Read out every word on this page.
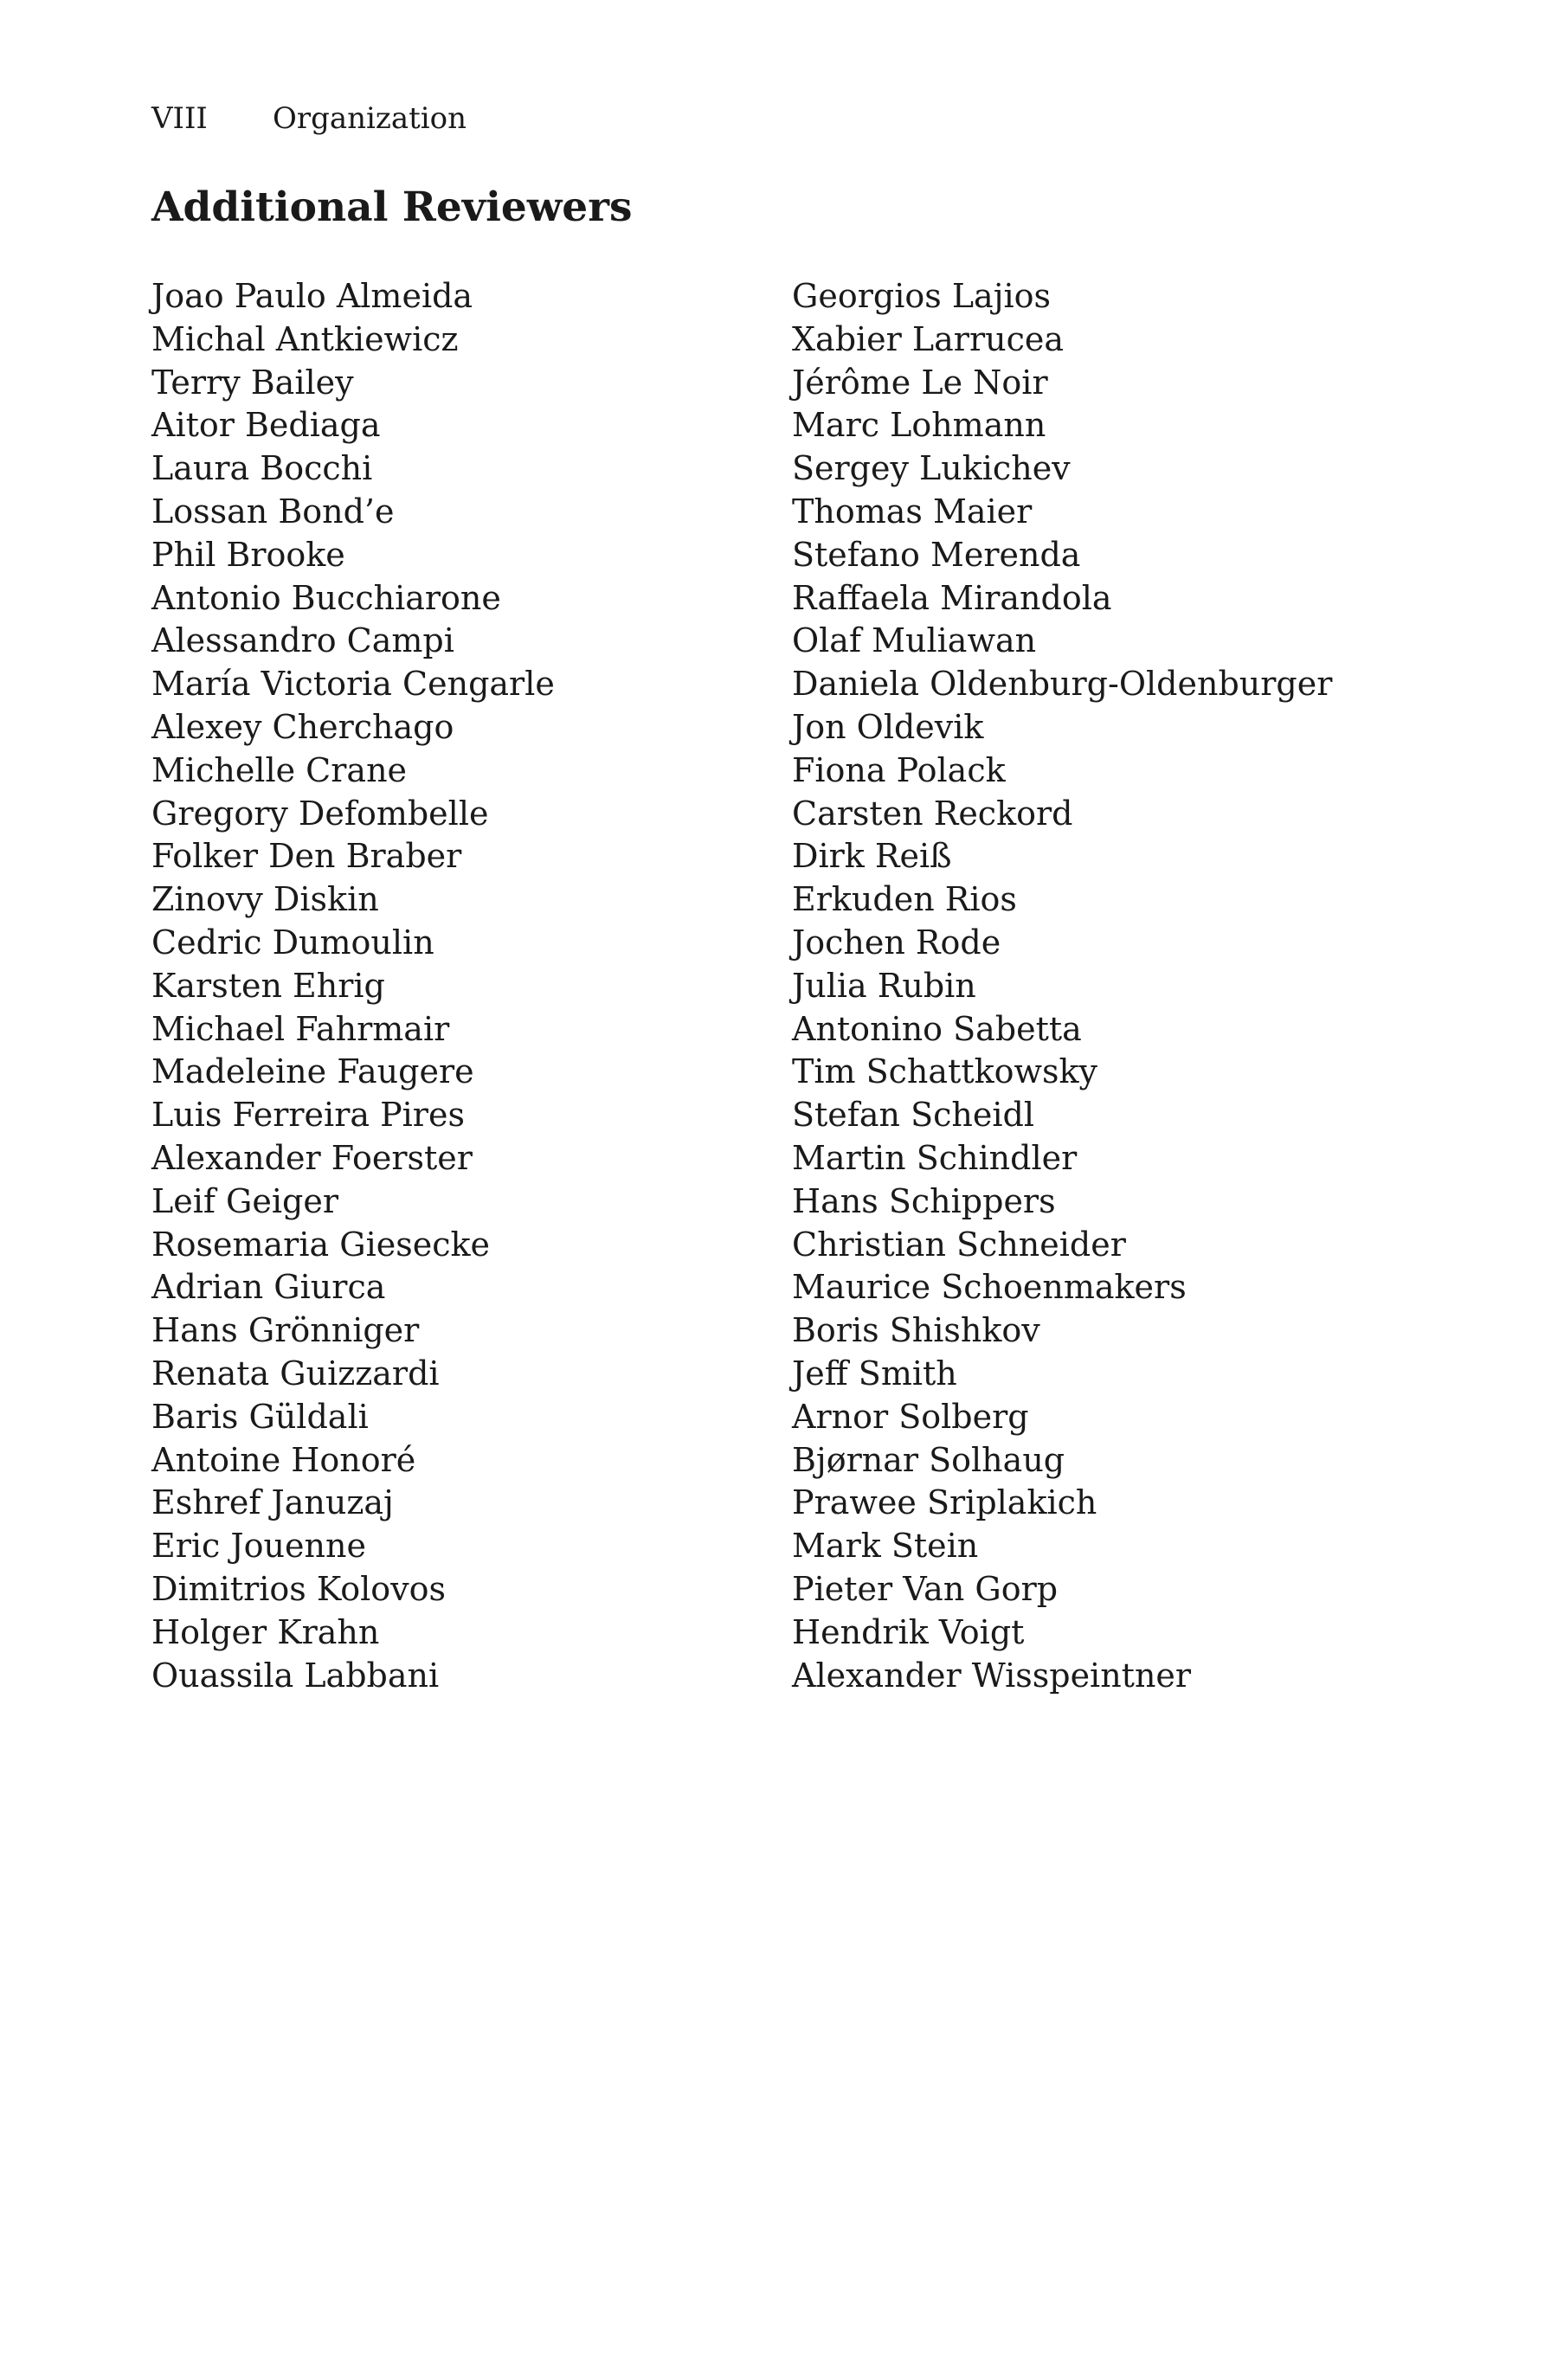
VIII	Organization
Additional Reviewers
Joao Paulo Almeida
Michal Antkiewicz
Terry Bailey
Aitor Bediaga
Laura Bocchi
Lossan Bond’e
Phil Brooke
Antonio Bucchiarone
Alessandro Campi
María Victoria Cengarle
Alexey Cherchago
Michelle Crane
Gregory Defombelle
Folker Den Braber
Zinovy Diskin
Cedric Dumoulin
Karsten Ehrig
Michael Fahrmair
Madeleine Faugere
Luis Ferreira Pires
Alexander Foerster
Leif Geiger
Rosemaria Giesecke
Adrian Giurca
Hans Grönniger
Renata Guizzardi
Baris Güldali
Antoine Honoré
Eshref Januzaj
Eric Jouenne
Dimitrios Kolovos
Holger Krahn
Ouassila Labbani
Georgios Lajios
Xabier Larrucea
Jérôme Le Noir
Marc Lohmann
Sergey Lukichev
Thomas Maier
Stefano Merenda
Raffaela Mirandola
Olaf Muliawan
Daniela Oldenburg-Oldenburger
Jon Oldevik
Fiona Polack
Carsten Reckord
Dirk Reiß
Erkuden Rios
Jochen Rode
Julia Rubin
Antonino Sabetta
Tim Schattkowsky
Stefan Scheidl
Martin Schindler
Hans Schippers
Christian Schneider
Maurice Schoenmakers
Boris Shishkov
Jeff Smith
Arnor Solberg
Bjørnar Solhaug
Prawee Sriplakich
Mark Stein
Pieter Van Gorp
Hendrik Voigt
Alexander Wisspeintner
